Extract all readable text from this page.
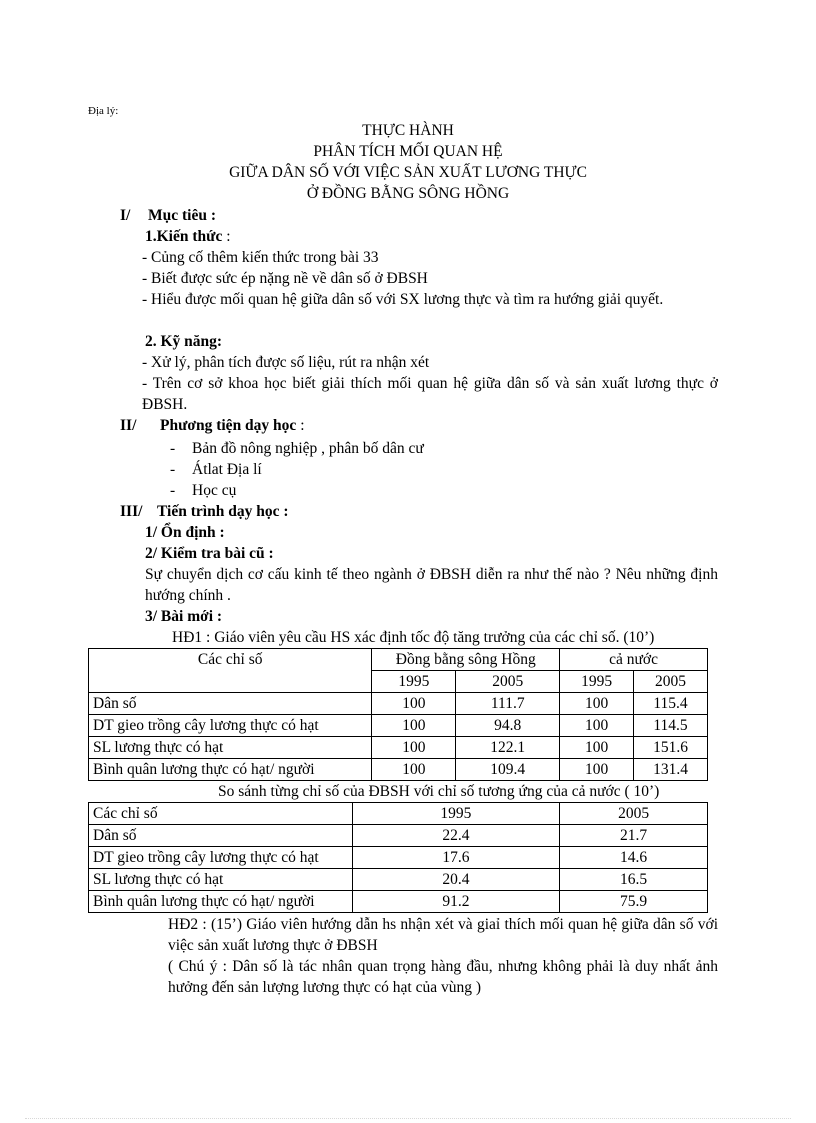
Địa lý:
THỰC HÀNH
PHÂN TÍCH MỐI QUAN HỆ
GIỮA DÂN SỐ VỚI VIỆC SẢN XUẤT LƯƠNG THỰC
Ở ĐỒNG BẰNG SÔNG HỒNG
I/ Mục tiêu :
1.Kiến thức :
- Củng cố thêm kiến thức trong bài 33
- Biết được sức ép nặng nề về dân số ở ĐBSH
- Hiểu được mối quan hệ giữa dân số với SX lương thực và tìm ra hướng giải quyết.
2. Kỹ năng:
- Xử lý, phân tích được số liệu, rút ra nhận xét
- Trên cơ sở khoa học biết giải thích mối quan hệ giữa dân số và sản xuất lương thực ở ĐBSH.
II/ Phương tiện dạy học :
- Bản đồ nông nghiệp , phân bố dân cư
- Átlat Địa lí
- Học cụ
III/ Tiến trình dạy học :
1/ Ổn định :
2/ Kiểm tra bài cũ :
Sự chuyển dịch cơ cấu kinh tế theo ngành ở ĐBSH diễn ra như thế nào ? Nêu những định hướng chính .
3/ Bài mới :
HĐ1 : Giáo viên yêu cầu HS xác định tốc độ tăng trưởng của các chỉ số. (10’)
Các chỉ số	Đồng bằng sông Hồng		cả nước	
	1995	2005	1995	2005
Dân số	100	111.7	100	115.4
DT gieo trồng cây lương thực có hạt	100	94.8	100	114.5
SL lương thực có hạt	100	122.1	100	151.6
Bình quân lương thực có hạt/ người	100	109.4	100	131.4
So sánh từng chỉ số của ĐBSH với chỉ số tương ứng của cả nước ( 10’)
Các chỉ số	1995	2005
Dân số	22.4	21.7
DT gieo trồng cây lương thực có hạt	17.6	14.6
SL lương thực có hạt	20.4	16.5
Bình quân lương thực có hạt/ người	91.2	75.9
HĐ2 : (15’) Giáo viên hướng dẫn hs nhận xét và giaỉ thích mối quan hệ giữa dân số với việc sản xuất lương thực ở ĐBSH
( Chú ý : Dân số là tác nhân quan trọng hàng đầu, nhưng không phải là duy nhất ảnh hưởng đến sản lượng lương thực có hạt của vùng )
